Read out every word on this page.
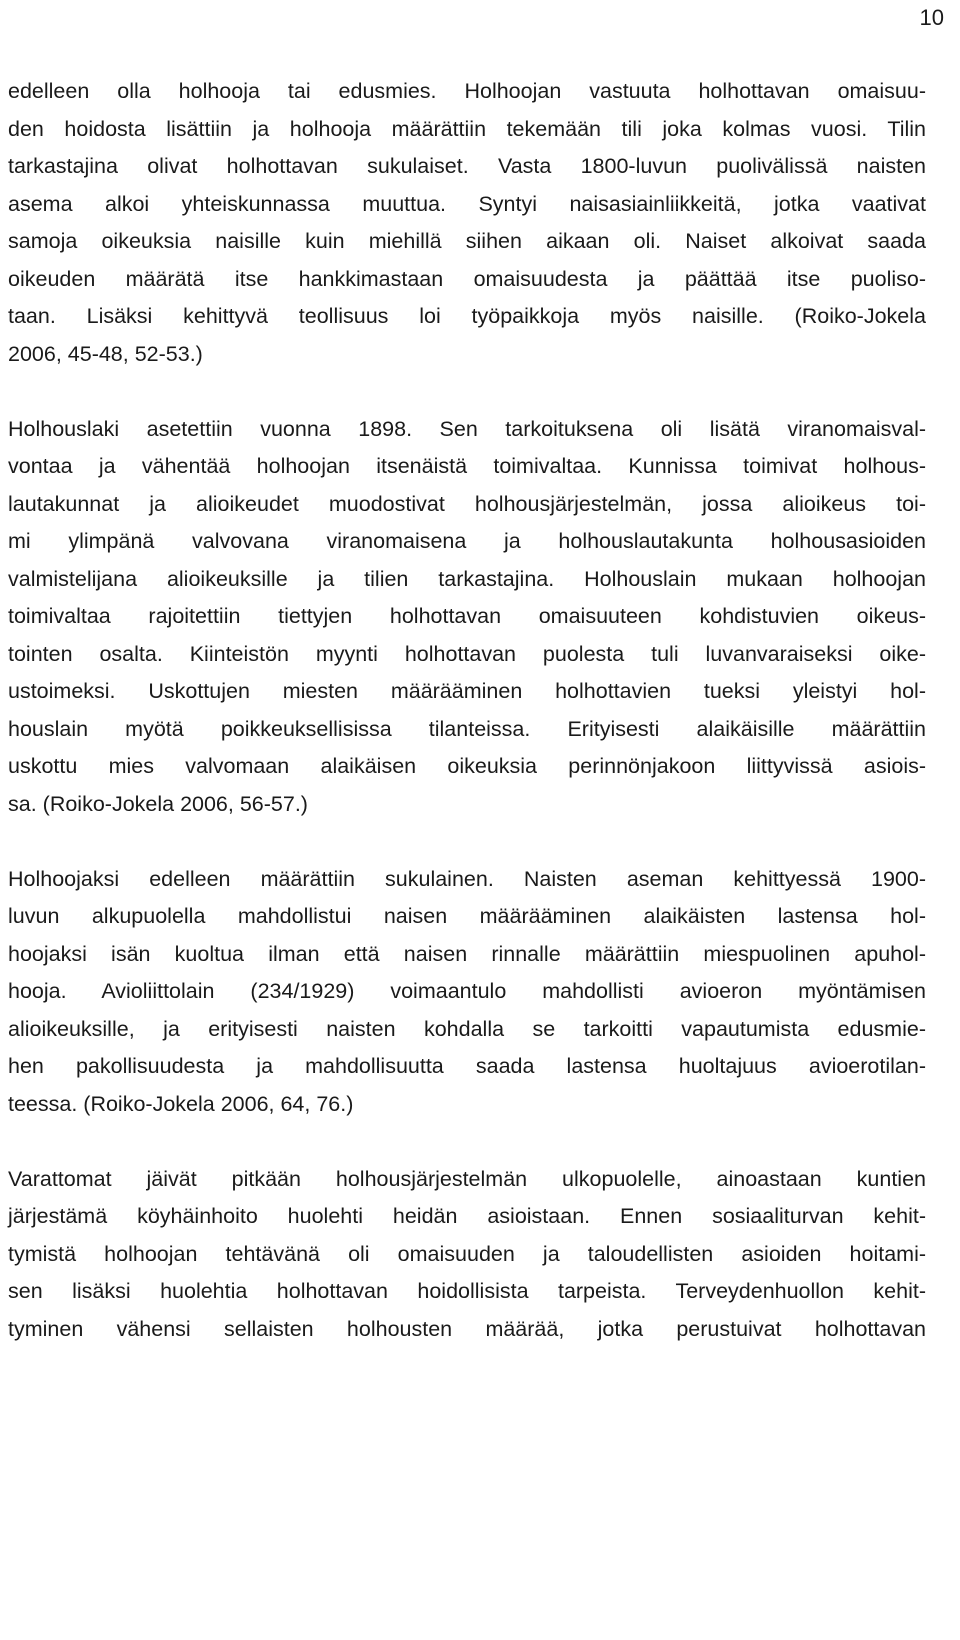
10

edelleen olla holhooja tai edusmies. Holhoojan vastuuta holhottavan omaisuu-
den hoidosta lisättiin ja holhooja määrättiin tekemään tili joka kolmas vuosi. Tilin
tarkastajina olivat holhottavan sukulaiset. Vasta 1800-luvun puolivälissä naisten
asema alkoi yhteiskunnassa muuttua. Syntyi naisasiainliikkeitä, jotka vaativat
samoja oikeuksia naisille kuin miehillä siihen aikaan oli. Naiset alkoivat saada
oikeuden määrätä itse hankkimastaan omaisuudesta ja päättää itse puoliso-
taan. Lisäksi kehittyvä teollisuus loi työpaikkoja myös naisille. (Roiko-Jokela
2006, 45-48, 52-53.)

Holhouslaki asetettiin vuonna 1898. Sen tarkoituksena oli lisätä viranomaisval-
vontaa ja vähentää holhoojan itsenäistä toimivaltaa. Kunnissa toimivat holhous-
lautakunnat ja alioikeudet muodostivat holhousjärjestelmän, jossa alioikeus toi-
mi ylimpänä valvovana viranomaisena ja holhouslautakunta holhousasioiden
valmistelijana alioikeuksille ja tilien tarkastajina. Holhouslain mukaan holhoojan
toimivaltaa rajoitettiin tiettyjen holhottavan omaisuuteen kohdistuvien oikeus-
tointen osalta. Kiinteistön myynti holhottavan puolesta tuli luvanvaraiseksi oike-
ustoimeksi. Uskottujen miesten määrääminen holhottavien tueksi yleistyi hol-
houslain myötä poikkeuksellisissa tilanteissa. Erityisesti alaikäisille määrättiin
uskottu mies valvomaan alaikäisen oikeuksia perinnönjakoon liittyvissä asiois-
sa. (Roiko-Jokela 2006, 56-57.)

Holhoojaksi edelleen määrättiin sukulainen. Naisten aseman kehittyessä 1900-
luvun alkupuolella mahdollistui naisen määrääminen alaikäisten lastensa hol-
hoojaksi isän kuoltua ilman että naisen rinnalle määrättiin miespuolinen apuhol-
hooja. Avioliittolain (234/1929) voimaantulo mahdollisti avioeron myöntämisen
alioikeuksille, ja erityisesti naisten kohdalla se tarkoitti vapautumista edusmie-
hen pakollisuudesta ja mahdollisuutta saada lastensa huoltajuus avioerotilan-
teessa. (Roiko-Jokela 2006, 64, 76.)

Varattomat jäivät pitkään holhousjärjestelmän ulkopuolelle, ainoastaan kuntien
järjestämä köyhäinhoito huolehti heidän asioistaan. Ennen sosiaaliturvan kehit-
tymistä holhoojan tehtävänä oli omaisuuden ja taloudellisten asioiden hoitami-
sen lisäksi huolehtia holhottavan hoidollisista tarpeista. Terveydenhuollon kehit-
tyminen vähensi sellaisten holhousten määrää, jotka perustuivat holhottavan
